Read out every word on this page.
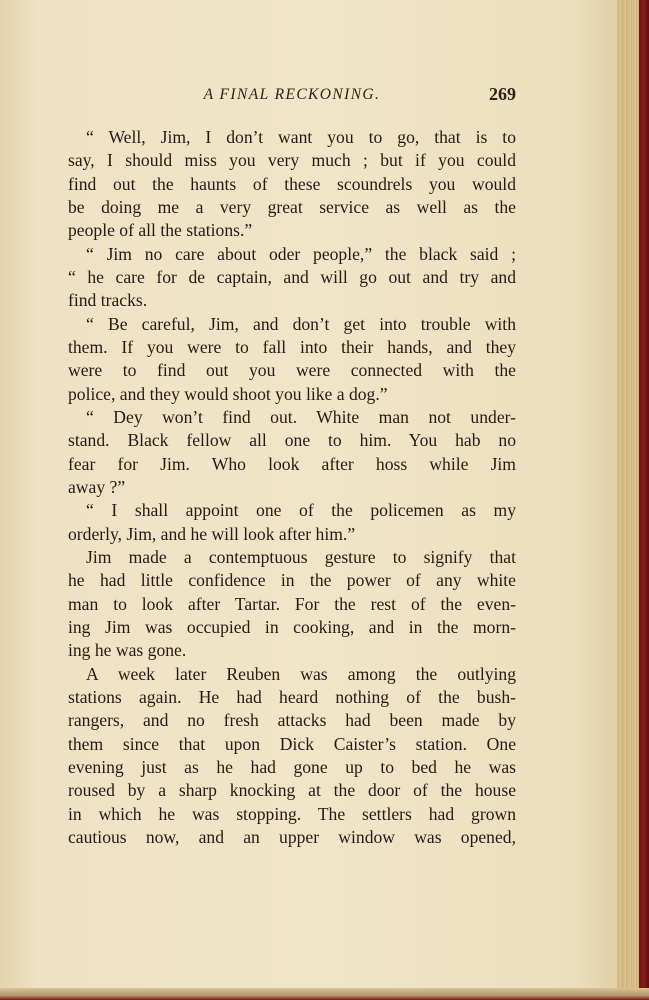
A FINAL RECKONING.	269
“ Well, Jim, I don’t want you to go, that is to
say, I should miss you very much ; but if you could
find out the haunts of these scoundrels you would
be doing me a very great service as well as the
people of all the stations.”
“ Jim no care about oder people,” the black said ;
“ he care for de captain, and will go out and try and
find tracks.
“ Be careful, Jim, and don’t get into trouble with
them. If you were to fall into their hands, and they
were to find out you were connected with the
police, and they would shoot you like a dog.”
“ Dey won’t find out. White man not under-
stand. Black fellow all one to him. You hab no
fear for Jim. Who look after hoss while Jim
away ?”
“ I shall appoint one of the policemen as my
orderly, Jim, and he will look after him.”
Jim made a contemptuous gesture to signify that
he had little confidence in the power of any white
man to look after Tartar. For the rest of the even-
ing Jim was occupied in cooking, and in the morn-
ing he was gone.
A week later Reuben was among the outlying
stations again. He had heard nothing of the bush-
rangers, and no fresh attacks had been made by
them since that upon Dick Caister’s station. One
evening just as he had gone up to bed he was
roused by a sharp knocking at the door of the house
in which he was stopping. The settlers had grown
cautious now, and an upper window was opened,
